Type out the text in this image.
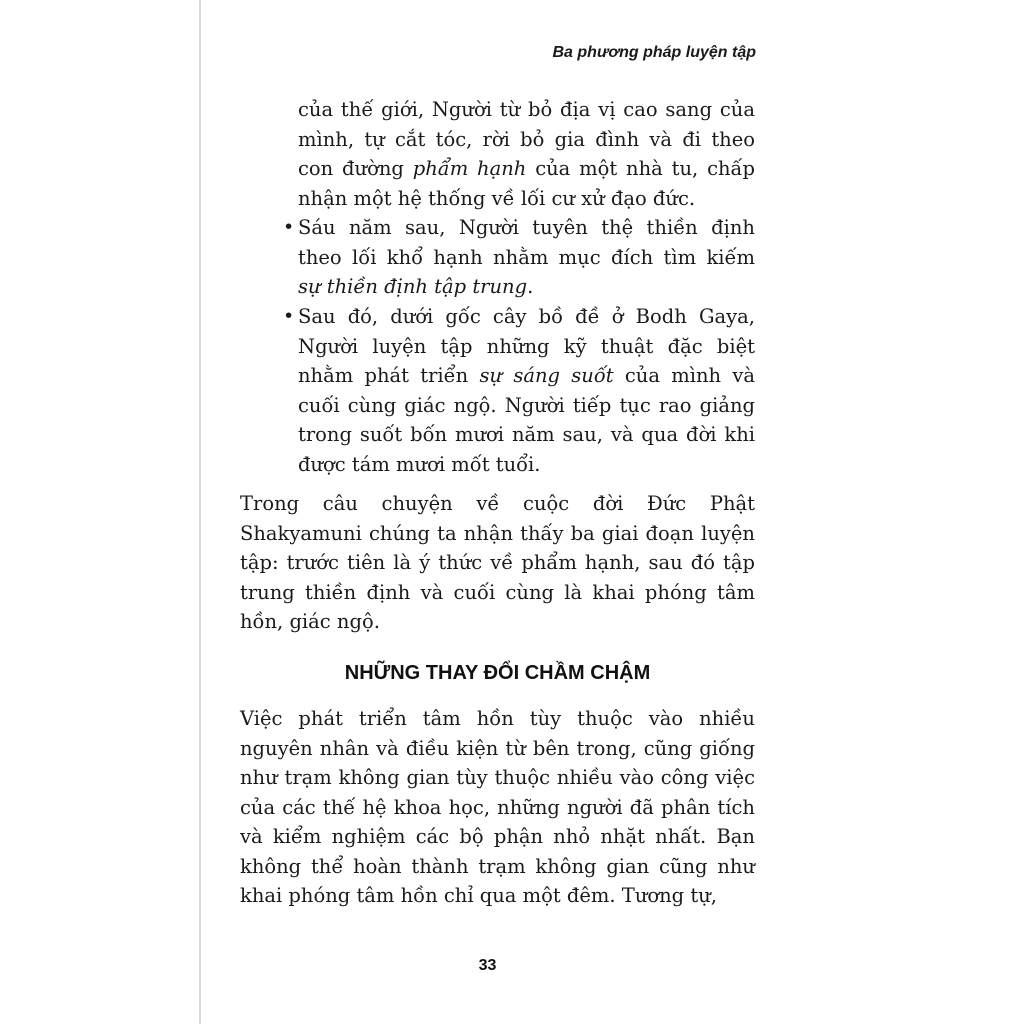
Ba phương pháp luyện tập
của thế giới, Người từ bỏ địa vị cao sang của
mình, tự cắt tóc, rời bỏ gia đình và đi theo
con đường phẩm hạnh của một nhà tu, chấp
nhận một hệ thống về lối cư xử đạo đức.
• Sáu năm sau, Người tuyên thệ thiền định
theo lối khổ hạnh nhằm mục đích tìm kiếm
sự thiền định tập trung.
• Sau đó, dưới gốc cây bồ đề ở Bodh Gaya,
Người luyện tập những kỹ thuật đặc biệt
nhằm phát triển sự sáng suốt của mình và
cuối cùng giác ngộ. Người tiếp tục rao giảng
trong suốt bốn mươi năm sau, và qua đời khi
được tám mươi mốt tuổi.
Trong câu chuyện về cuộc đời Đức Phật
Shakyamuni chúng ta nhận thấy ba giai đoạn luyện
tập: trước tiên là ý thức về phẩm hạnh, sau đó tập
trung thiền định và cuối cùng là khai phóng tâm
hồn, giác ngộ.
NHỮNG THAY ĐỔI CHẦM CHẬM
Việc phát triển tâm hồn tùy thuộc vào nhiều
nguyên nhân và điều kiện từ bên trong, cũng giống
như trạm không gian tùy thuộc nhiều vào công việc
của các thế hệ khoa học, những người đã phân tích
và kiểm nghiệm các bộ phận nhỏ nhặt nhất. Bạn
không thể hoàn thành trạm không gian cũng như
khai phóng tâm hồn chỉ qua một đêm. Tương tự,
33
